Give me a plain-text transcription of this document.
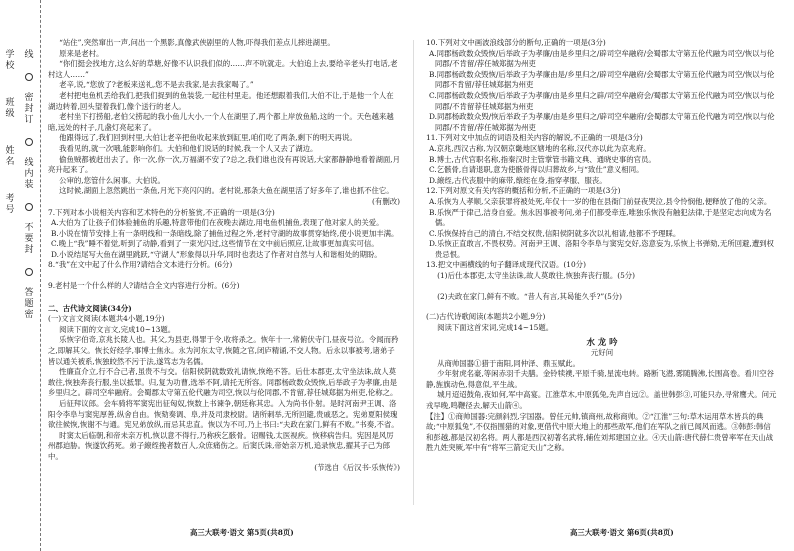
学
校
班
级
姓
名
考
号
线
密
封
订
线
内
装
不
要
封
答
题
密

“站住”,突然窜出一声,问出一个黑影,真像武侠剧里的人物,吓得我们差点儿摔进湖里。

原来是老村。

“你们挺会找地方,这么好的草塘,好像不认识我们似的……声不吭就走。大伯追上去,要给辛老头打电话,老村这人……”

老辛,说,“您放了?老板来送礼,您不是去我家,是去我家喝了。”

老村把电鱼机丢给我们,把我们捉到的鱼装袋,一起往村里走。他还想跟着我们,大伯不让,于是他一个人在湖边转着,回头望着我们,像个送行的老人。

老村坐下打捞船,老伯父捞起的我小鱼儿大小,一个人在湖里了,两个都上岸放鱼船,这的一个。天色越来越暗,远处的村子,几盏灯亮起来了。

他跟得远了,我们回到村里,大伯让老辛把鱼收起来放到缸里,咱们吃了两条,剩下的明天再说。

我看见的,就一次哦,能影响你们。大伯和他们说话的时候,我一个人又去了湖边。

偷鱼贼都被赶出去了。你一次,你一次,万福湖不安了?总之,我们谁也没有再说话,大家都静静地看着湖面,月亮升起来了。

公审的,您管什么闲事。大伯说。

这时候,湖面上忽然跳出一条鱼,月光下亮闪闪的。老村说,那条大鱼在湖里活了好多年了,谁也抓不住它。

(有删改)

7.下列对本小说相关内容和艺术特色的分析鉴赏,不正确的一项是(3分)

A.大伯为了让孩子们体验捕鱼的乐趣,特意带他们在夜晚去湖边,用电鱼机捕鱼,表现了他对家人的关爱。

B.小说在情节安排上有一条明线和一条暗线,除了捕鱼过程之外,老村守湖的故事贯穿始终,使小说更加丰满。

C.晚上“我”睡不着觉,听到了动静,看到了一束光闪过,这些情节在文中前后照应,让故事更加真实可信。

D.小说结尾写大鱼在湖里跳跃,“守湖人”形象得以升华,同时也表达了作者对自然与人和谐相处的期盼。

8.“我”在文中起了什么作用?请结合文本进行分析。(6分)

9.老村是一个什么样的人?请结合全文内容进行分析。(6分)

二、古代诗文阅读(34分)

(一)文言文阅读(本题共4小题,19分)

阅读下面的文言文,完成10~13题。

乐恢字伯奇,京兆长陵人也。其父,为县吏,得罪于令,收将杀之。恢年十一,常俯伏寺门,昼夜号泣。令闻而矜之,即解其父。恢长好经学,事博士焦永。永为河东太守,恢随之官,闭庐精诵,不交人物。后永以事被考,诸弟子皆以通关被系,恢独皎然不污于法,遂笃志为名儒。

性廉直介立,行不合己者,虽贵不与交。信阳侯阴就数致礼请恢,恢绝不答。后仕本郡吏,太守坐法诛,故人莫敢往,恢独奔丧行服,坐以抵罪。归,复为功曹,选举不阿,请托无所容。同郡杨政数众毁恢,后举政子为孝廉,由是乡里归之。辟司空牟融府。会蜀郡太守第五伦代融为司空,恢以与伦同郡,不肯留,荐任城郑据为州吏,伦称之。

后征拜议郎。会车骑将军窦宪出征匈奴,恢数上书谏争,朝廷称其忠。入为尚书仆射。是时河南尹王调、洛阳令李阜与窦宪厚善,纵舍自由。恢劾奏调、阜,并及司隶校尉。诸所刺举,无所回避,贵戚恶之。宪弟夏阳侯瑰欲往候恢,恢谢不与通。宪兄弟放纵,而忌其忠直。恢以为不可,乃上书曰:“夫政在家门,鲜有不败。”书奏,不省。

时窦太后临朝,和帝未亲万机,恢以意不得行,乃称疾乞骸骨。诏赐钱,太医视疾。恢移病告归。宪因是风厉州郡迫胁。恢遂饮药死。弟子縗绖挽者数百人,众庶痛伤之。后窦氏诛,帝始亲万机,追录恢忠,擢其子己为郎中。

(节选自《后汉书·乐恢传》)

10.下列对文中画波浪线部分的断句,正确的一项是(3分)

A.同郡杨政数众毁恢/后举政子为孝廉/由是乡里归之/辟司空牟融府/会蜀郡太守第五伦代融为司空/恢以与伦同郡/不肯留/荐任城郑据为州吏

B.同郡杨政数众毁恢/后举政子为孝廉由是/乡里归之/辟司空牟融府/会蜀郡太守第五伦代融为司空/恢以与伦同郡不肯留/荐任城郑据为州吏

C.同郡杨政数众毁恢/后举政子为孝廉/由是乡里归之辟/司空牟融府会/蜀郡太守第五伦代融为司空/恢以与伦同郡/不肯留荐任城郑据为州吏

D.同郡杨政数众毁/恢后举政子为孝廉/由是乡里归之/辟司空牟融府/会蜀郡太守第五伦代融为司空/恢以与伦同郡/不肯留/荐任城郑据为州吏

11.下列对文中加点的词语及相关内容的解说,不正确的一项是(3分)

A.京兆,西汉古称,为汉朝京畿地区辖地的名称,汉代亦以此为京兆府。

B.博士,古代官职名称,指秦汉时主管掌管书籍文典、通晓史事的官员。

C.乞骸骨,自请退职,意为使骸骨得以归葬故乡,与“致仕”意义相同。

D.縗绖,古代丧服中的麻带,缞绖在身,指穿孝服、服丧。

12.下列对原文有关内容的概括和分析,不正确的一项是(3分)

A.乐恢为人孝顺,父亲获罪将被处死,年仅十一岁的他在县衙门前昼夜哭泣,县令怜悯他,便释放了他的父亲。

B.乐恢严于律己,洁身自爱。焦永因事被考问,弟子们都受牵连,唯独乐恢没有触犯法律,于是坚定志向成为名儒。

C.乐恢保持自己的清白,不结交权贵,信阳侯阴就多次以礼相请,他都不予理睬。

D.乐恢正直敢言,不畏权势。河南尹王调、洛阳令李阜与窦宪交好,恣意妄为,乐恢上书弹劾,无所回避,遭到权贵忌恨。

13.把文中画横线的句子翻译成现代汉语。(10分)

(1)后仕本郡吏,太守坐法诛,故人莫敢往,恢独奔丧行服。(5分)

(2)夫政在家门,鲜有不败。“昔人有言,其曷能久乎?”(5分)

(二)古代诗歌阅读(本题共2小题,9分)

阅读下面这首宋词,完成14~15题。

水 龙 吟

元好问

从商帅国器①猎于南阳,同仲泽、鼎玉赋此。

少年射虎名豪,等闲赤羽千夫膳。金铃犊襆,平原千骑,星流电转。路断飞潜,雾随腾沸,长围高卷。看川空谷静,旌旗动色,得意似,平生战。

城月迢迢鼓角,夜如何,军中高宴。江淮草木,中原狐兔,先声自远②。盖世韩彭③,可能只办,寻常鹰犬。问元戎早晚,鸣鞭径去,解天山箭④。

【注】①商帅国器:完颜斜烈,字国器。曾任元帅,镇商州,故称商帅。②“江淮”三句:草木运用草木皆兵的典故;“中原狐兔”,不仅指围猎的对象,更借代中原大地上的那些敌军,他们在军队之前已闻风而逃。③韩彭:韩信和彭越,都是汉初名将。两人都是西汉初著名武将,辅佐刘邦建国立业。④天山箭:唐代薛仁贵曾率军在天山战胜九姓突厥,军中有“将军三箭定天山”之称。

高三大联考·语文 第5页(共8页)	高三大联考·语文 第6页(共8页)
